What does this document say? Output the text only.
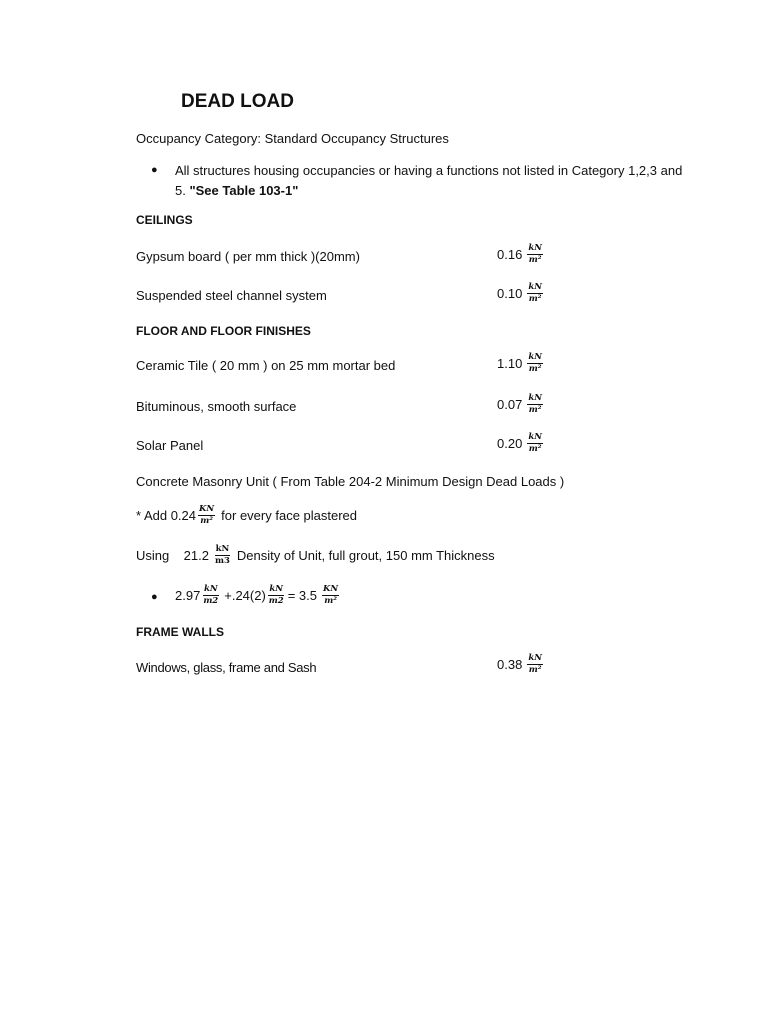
DEAD LOAD
Occupancy Category: Standard Occupancy Structures
● All structures housing occupancies or having a functions not listed in Category 1,2,3 and
5. "See Table 103-1"
CEILINGS
Gypsum board ( per mm thick )(20mm)	$0.16 \frac{kN}{\text{m²}}$
Suspended steel channel system	$0.10 \frac{kN}{\text{m²}}$
FLOOR AND FLOOR FINISHES
Ceramic Tile ( 20 mm ) on 25 mm mortar bed	$1.10 \frac{kN}{\text{m²}}$
Bituminous, smooth surface	$0.07 \frac{kN}{\text{m²}}$
Solar Panel	$0.20 \frac{kN}{\text{m²}}$
Concrete Masonry Unit ( From Table 204-2 Minimum Design Dead Loads )
* Add $0.24 \frac{KN}{\text{m²}}$ for every face plastered
Using    $21.2 \frac{kN}{m3}$ Density of Unit, full grout, 150 mm Thickness
● $2.97 \frac{kN}{m2} +.24(2) \frac{kN}{m2} = 3.5 \frac{KN}{\text{m²}}$
FRAME WALLS
Windows, glass, frame and Sash	$0.38 \frac{kN}{\text{m²}}$
